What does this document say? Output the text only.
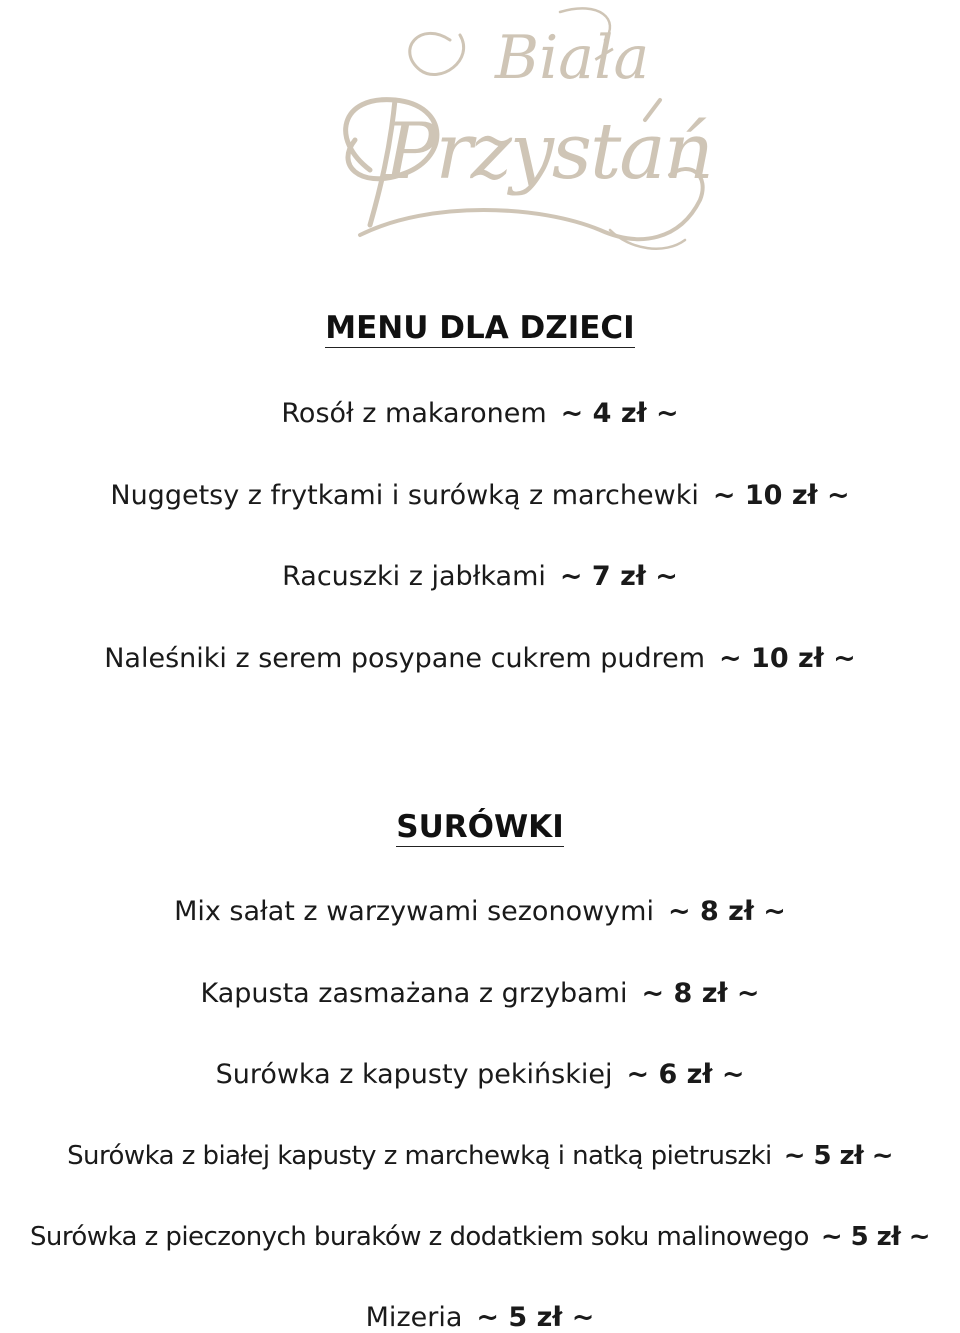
Biała
Przystań
MENU DLA DZIECI
Rosół z makaronem ~ 4 zł ~
Nuggetsy z frytkami i surówką z marchewki ~ 10 zł ~
Racuszki z jabłkami ~ 7 zł ~
Naleśniki z serem posypane cukrem pudrem ~ 10 zł ~
SURÓWKI
Mix sałat z warzywami sezonowymi ~ 8 zł ~
Kapusta zasmażana z grzybami ~ 8 zł ~
Surówka z kapusty pekińskiej ~ 6 zł ~
Surówka z białej kapusty z marchewką i natką pietruszki ~ 5 zł ~
Surówka z pieczonych buraków z dodatkiem soku malinowego ~ 5 zł ~
Mizeria ~ 5 zł ~
